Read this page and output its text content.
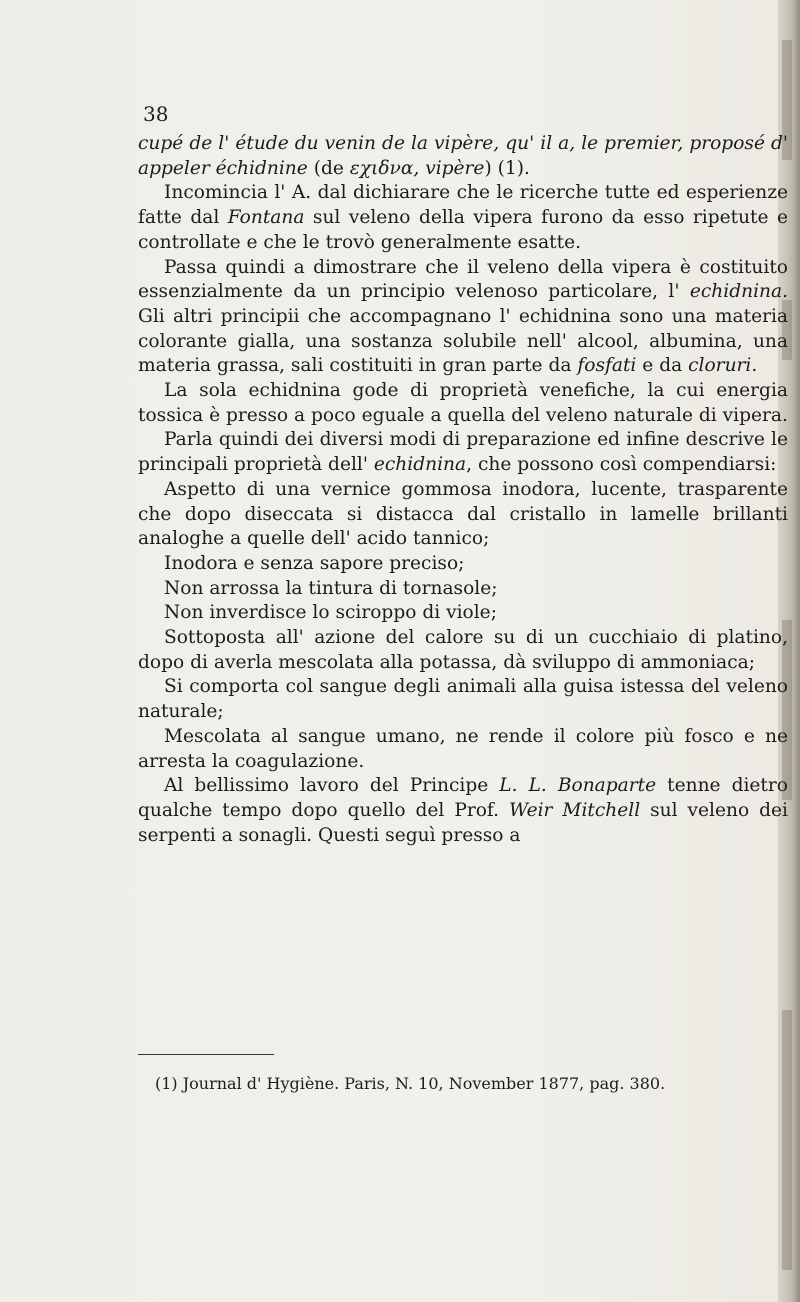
38

cupé de l' étude du venin de la vipère, qu' il a, le premier, proposé d' appeler échidnine (de εχιδνα, vipère) (1).

Incomincia l' A. dal dichiarare che le ricerche tutte ed esperienze fatte dal Fontana sul veleno della vipera furono da esso ripetute e controllate e che le trovò generalmente esatte.

Passa quindi a dimostrare che il veleno della vipera è costituito essenzialmente da un principio velenoso particolare, l' echidnina. Gli altri principii che accompagnano l' echidnina sono una materia colorante gialla, una sostanza solubile nell' alcool, albumina, una materia grassa, sali costituiti in gran parte da fosfati e da cloruri.

La sola echidnina gode di proprietà venefiche, la cui energia tossica è presso a poco eguale a quella del veleno naturale di vipera.

Parla quindi dei diversi modi di preparazione ed infine descrive le principali proprietà dell' echidnina, che possono così compendiarsi:

Aspetto di una vernice gommosa inodora, lucente, trasparente che dopo diseccata si distacca dal cristallo in lamelle brillanti analoghe a quelle dell' acido tannico;

Inodora e senza sapore preciso;

Non arrossa la tintura di tornasole;

Non inverdisce lo sciroppo di viole;

Sottoposta all' azione del calore su di un cucchiaio di platino, dopo di averla mescolata alla potassa, dà sviluppo di ammoniaca;

Si comporta col sangue degli animali alla guisa istessa del veleno naturale;

Mescolata al sangue umano, ne rende il colore più fosco e ne arresta la coagulazione.

Al bellissimo lavoro del Principe L. L. Bonaparte tenne dietro qualche tempo dopo quello del Prof. Weir Mitchell sul veleno dei serpenti a sonagli. Questi seguì presso a

(1) Journal d' Hygiène. Paris, N. 10, November 1877, pag. 380.
